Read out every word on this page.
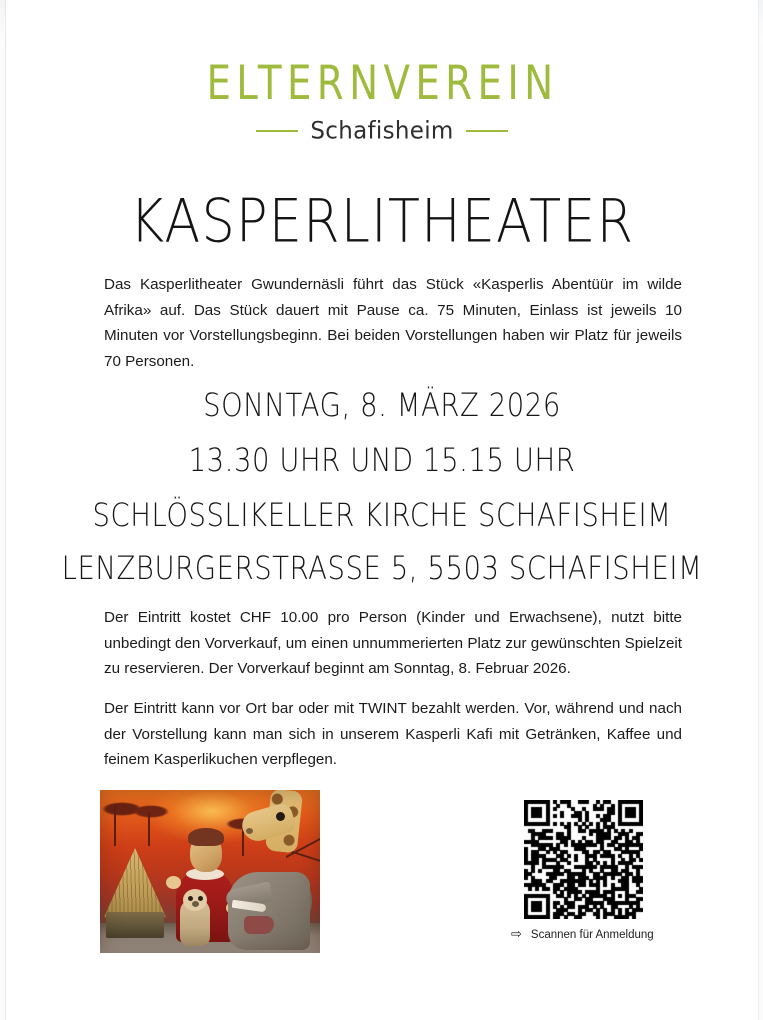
ELTERNVEREIN
Schafisheim
KASPERLITHEATER
Das Kasperlitheater Gwundernäsli führt das Stück «Kasperlis Abentüür im wilde Afrika» auf. Das Stück dauert mit Pause ca. 75 Minuten, Einlass ist jeweils 10 Minuten vor Vorstellungsbeginn. Bei beiden Vorstellungen haben wir Platz für jeweils 70 Personen.
SONNTAG, 8. MÄRZ 2026
13.30 UHR UND 15.15 UHR
SCHLÖSSLIKELLER KIRCHE SCHAFISHEIM
LENZBURGERSTRASSE 5, 5503 SCHAFISHEIM
Der Eintritt kostet CHF 10.00 pro Person (Kinder und Erwachsene), nutzt bitte unbedingt den Vorverkauf, um einen unnummerierten Platz zur gewünschten Spielzeit zu reservieren. Der Vorverkauf beginnt am Sonntag, 8. Februar 2026.
Der Eintritt kann vor Ort bar oder mit TWINT bezahlt werden. Vor, während und nach der Vorstellung kann man sich in unserem Kasperli Kafi mit Getränken, Kaffee und feinem Kasperlikuchen verpflegen.
⇨ Scannen für Anmeldung
